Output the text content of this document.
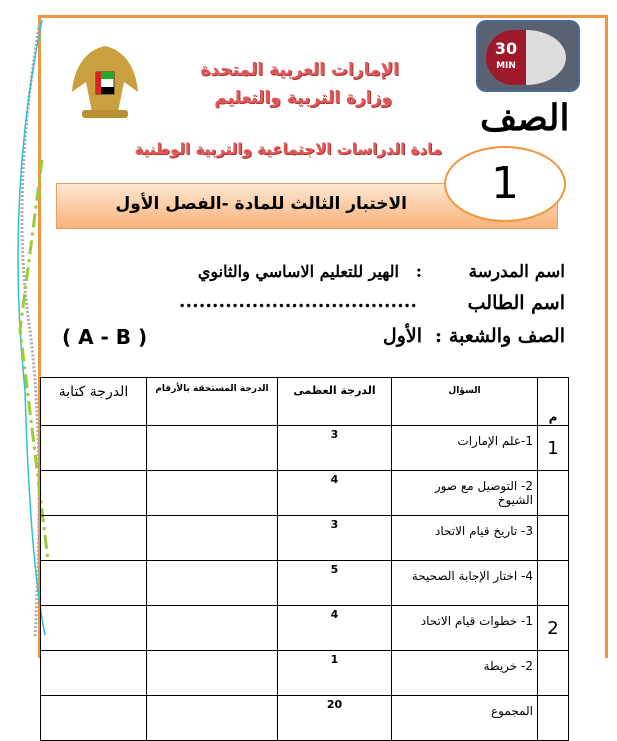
الإمارات العربية المتحدة
وزارة التربية والتعليم
مادة الدراسات الاجتماعية والتربية الوطنية
30
MIN
الصف
الاختبار الثالث للمادة -الفصل الأول	1
اسم المدرسة
:
الهير للتعليم الاساسي والثانوي
اسم الطالب
....................................
الصف والشعبة
:
الأول
( A - B )
م	السؤال	الدرجة العظمى	الدرجة المستحقة بالأرقام	الدرجة كتابة
1	1-علم الإمارات	3		
	2- التوصيل مع صور الشيوخ	4		
	3- تاريخ قيام الاتحاد	3		
	4- اختار الإجابة الصحيحة	5		
2	1- خطوات قيام الاتحاد	4		
	2- خريطة	1		
	المجموع	20		
